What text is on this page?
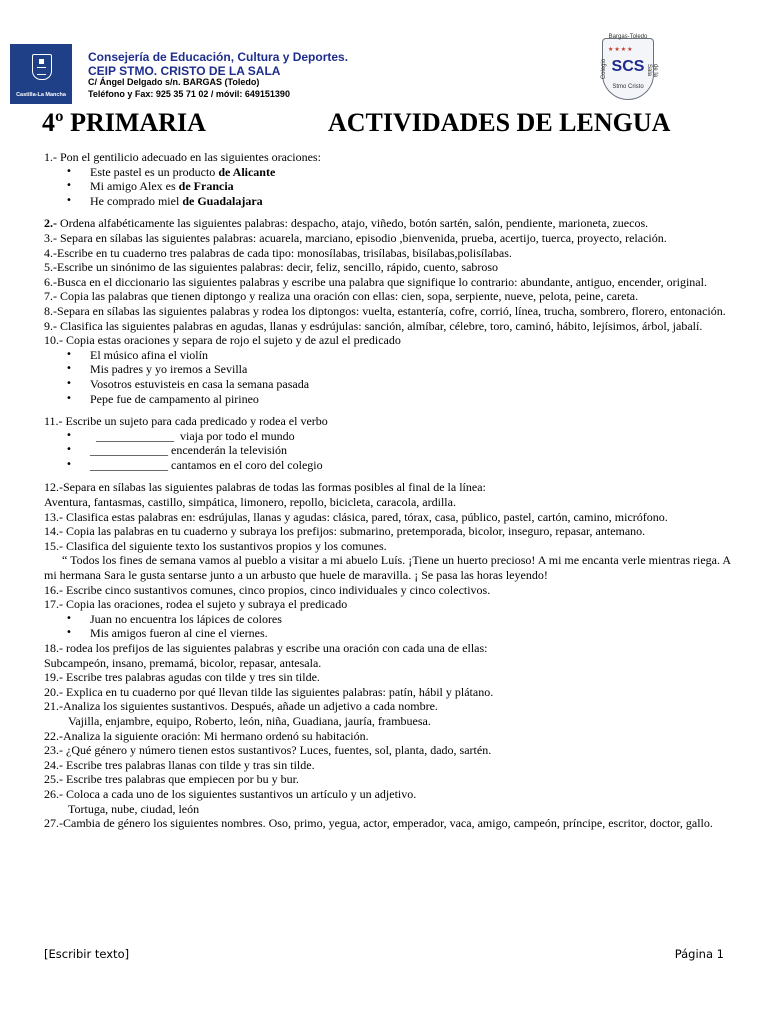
Castilla-La Mancha
Consejería de Educación, Cultura y Deportes.
CEIP STMO. CRISTO DE LA SALA
C/ Ángel Delgado s/n. BARGAS (Toledo)
Teléfono y Fax: 925 35 71 02 / móvil: 649151390
Bargas-Toledo
★★★★
SCS
Colegio	de la Sala
Stmo Cristo
4º PRIMARIA	ACTIVIDADES DE LENGUA

1.- Pon el gentilicio adecuado en las siguientes oraciones:

• Este pastel es un producto de Alicante
• Mi amigo Alex es de Francia
• He comprado miel de Guadalajara

2.- Ordena alfabéticamente las siguientes palabras: despacho, atajo, viñedo, botón sartén, salón, pendiente, marioneta, zuecos.

3.- Separa en sílabas las siguientes palabras: acuarela, marciano, episodio ,bienvenida, prueba, acertijo, tuerca, proyecto, relación.

4.-Escribe en tu cuaderno tres palabras de cada tipo: monosílabas, trisílabas, bisílabas,polisílabas.

5.-Escribe un sinónimo de las siguientes palabras: decir, feliz, sencillo, rápido, cuento, sabroso

6.-Busca en el diccionario las siguientes palabras y escribe una palabra que signifique lo contrario: abundante, antiguo, encender, original.

7.- Copia las palabras que tienen diptongo y realiza una oración con ellas: cien, sopa, serpiente, nueve, pelota, peine, careta.

8.-Separa en sílabas las siguientes palabras y rodea los diptongos: vuelta, estantería, cofre, corrió, línea, trucha, sombrero, florero, entonación.

9.- Clasifica las siguientes palabras en agudas, llanas y esdrújulas: sanción, almíbar, célebre, toro, caminó, hábito, lejísimos, árbol, jabalí.

10.- Copia estas oraciones y separa de rojo el sujeto y de azul el predicado

• El músico afina el violín
• Mis padres y yo iremos a Sevilla
• Vosotros estuvisteis en casa la semana pasada
• Pepe fue de campamento al pirineo

11.- Escribe un sujeto para cada predicado y rodea el verbo

•   _____________  viaja por todo el mundo
• _____________ encenderán la televisión
• _____________ cantamos en el coro del colegio

12.-Separa en sílabas las siguientes palabras de todas las formas posibles al final de la línea:

Aventura, fantasmas, castillo, simpática, limonero, repollo, bicicleta, caracola, ardilla.

13.- Clasifica estas palabras en: esdrújulas, llanas y agudas: clásica, pared, tórax, casa, público, pastel, cartón, camino, micrófono.

14.- Copia las palabras en tu cuaderno y subraya los prefijos: submarino, pretemporada, bicolor, inseguro, repasar, antemano.

15.- Clasifica del siguiente texto los sustantivos propios y los comunes.

“ Todos los fines de semana vamos al pueblo a visitar a mi abuelo Luís. ¡Tiene un huerto precioso! A mi me encanta verle mientras riega. A mi hermana Sara le gusta sentarse junto a un arbusto que huele de maravilla. ¡ Se pasa las horas leyendo!

16.- Escribe cinco sustantivos comunes, cinco propios, cinco individuales y cinco colectivos.

17.- Copia las oraciones, rodea el sujeto y subraya el predicado

• Juan no encuentra los lápices de colores
• Mis amigos fueron al cine el viernes.

18.- rodea los prefijos de las siguientes palabras y escribe una oración con cada una de ellas:

Subcampeón, insano, premamá, bicolor, repasar, antesala.

19.- Escribe tres palabras agudas con tilde y tres sin tilde.

20.- Explica en tu cuaderno por qué llevan tilde las siguientes palabras: patín, hábil y plátano.

21.-Analiza los siguientes sustantivos. Después, añade un adjetivo a cada nombre.

Vajilla, enjambre, equipo, Roberto, león, niña, Guadiana, jauría, frambuesa.

22.-Analiza la siguiente oración: Mi hermano ordenó su habitación.

23.- ¿Qué género y número tienen estos sustantivos? Luces, fuentes, sol, planta, dado, sartén.

24.- Escribe tres palabras llanas con tilde y tras sin tilde.

25.- Escribe tres palabras que empiecen por bu y bur.

26.- Coloca a cada uno de los siguientes sustantivos un artículo y un adjetivo.

Tortuga, nube, ciudad, león

27.-Cambia de género los siguientes nombres. Oso, primo, yegua, actor, emperador, vaca, amigo, campeón, príncipe, escritor, doctor, gallo.

[Escribir texto]	Página 1
